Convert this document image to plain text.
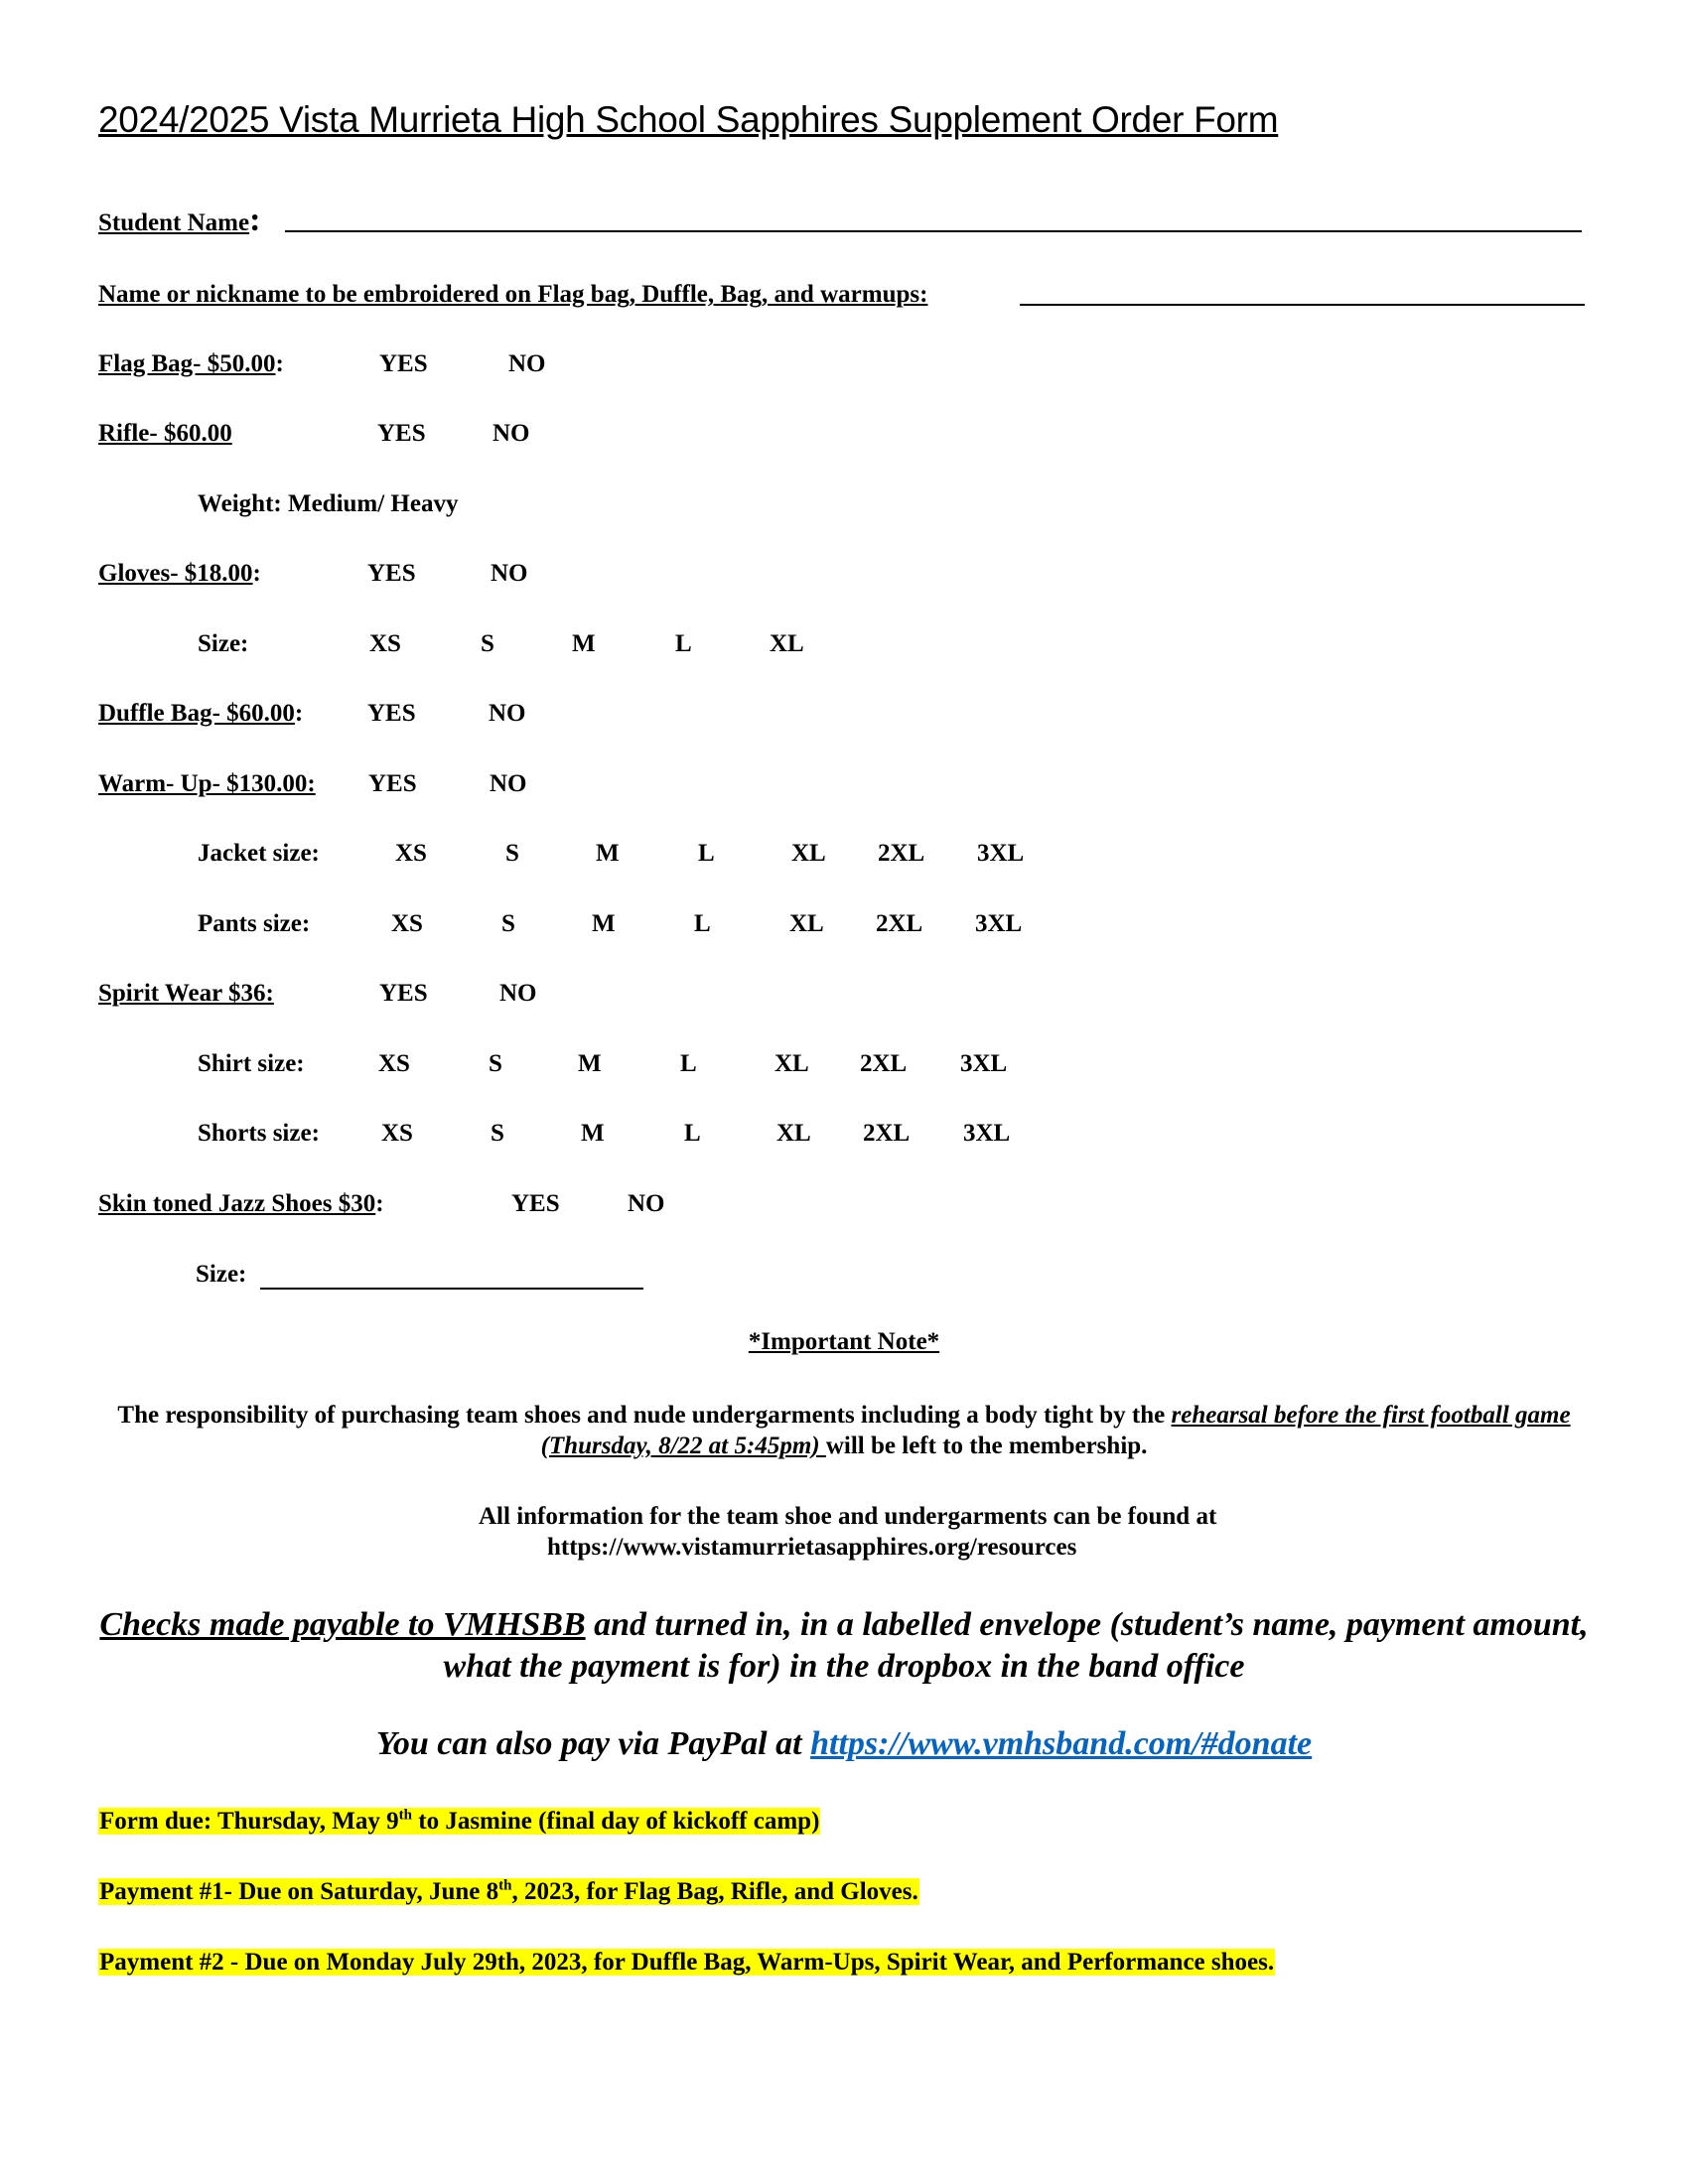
2024/2025 Vista Murrieta High School Sapphires Supplement Order Form
Student Name:
Name or nickname to be embroidered on Flag bag, Duffle, Bag, and warmups:
Flag Bag- $50.00:	YES	NO
Rifle- $60.00	YES	NO
Weight: Medium/ Heavy
Gloves- $18.00:	YES	NO
Size:	XS	S	M	L	XL
Duffle Bag- $60.00:	YES	NO
Warm- Up- $130.00: YES	NO
Jacket size:	XS	S	M	L	XL 2XL 3XL
Pants size:	XS	S	M	L	XL 2XL 3XL
Spirit Wear $36:	YES	NO
Shirt size:	XS	S	M	L	XL 2XL 3XL
Shorts size: XS	S	M	L	XL 2XL 3XL
Skin toned Jazz Shoes $30:	YES	NO
Size:
*Important Note*
The responsibility of purchasing team shoes and nude undergarments including a body tight by the rehearsal before the first football game (Thursday, 8/22 at 5:45pm) will be left to the membership.
All information for the team shoe and undergarments can be found at
https://www.vistamurrietasapphires.org/resources
Checks made payable to VMHSBB and turned in, in a labelled envelope (student’s name, payment amount, what the payment is for) in the dropbox in the band office
You can also pay via PayPal at https://www.vmhsband.com/#donate
Form due: Thursday, May 9th to Jasmine (final day of kickoff camp)
Payment #1- Due on Saturday, June 8th, 2023, for Flag Bag, Rifle, and Gloves.
Payment #2 - Due on Monday July 29th, 2023, for Duffle Bag, Warm-Ups, Spirit Wear, and Performance shoes.
